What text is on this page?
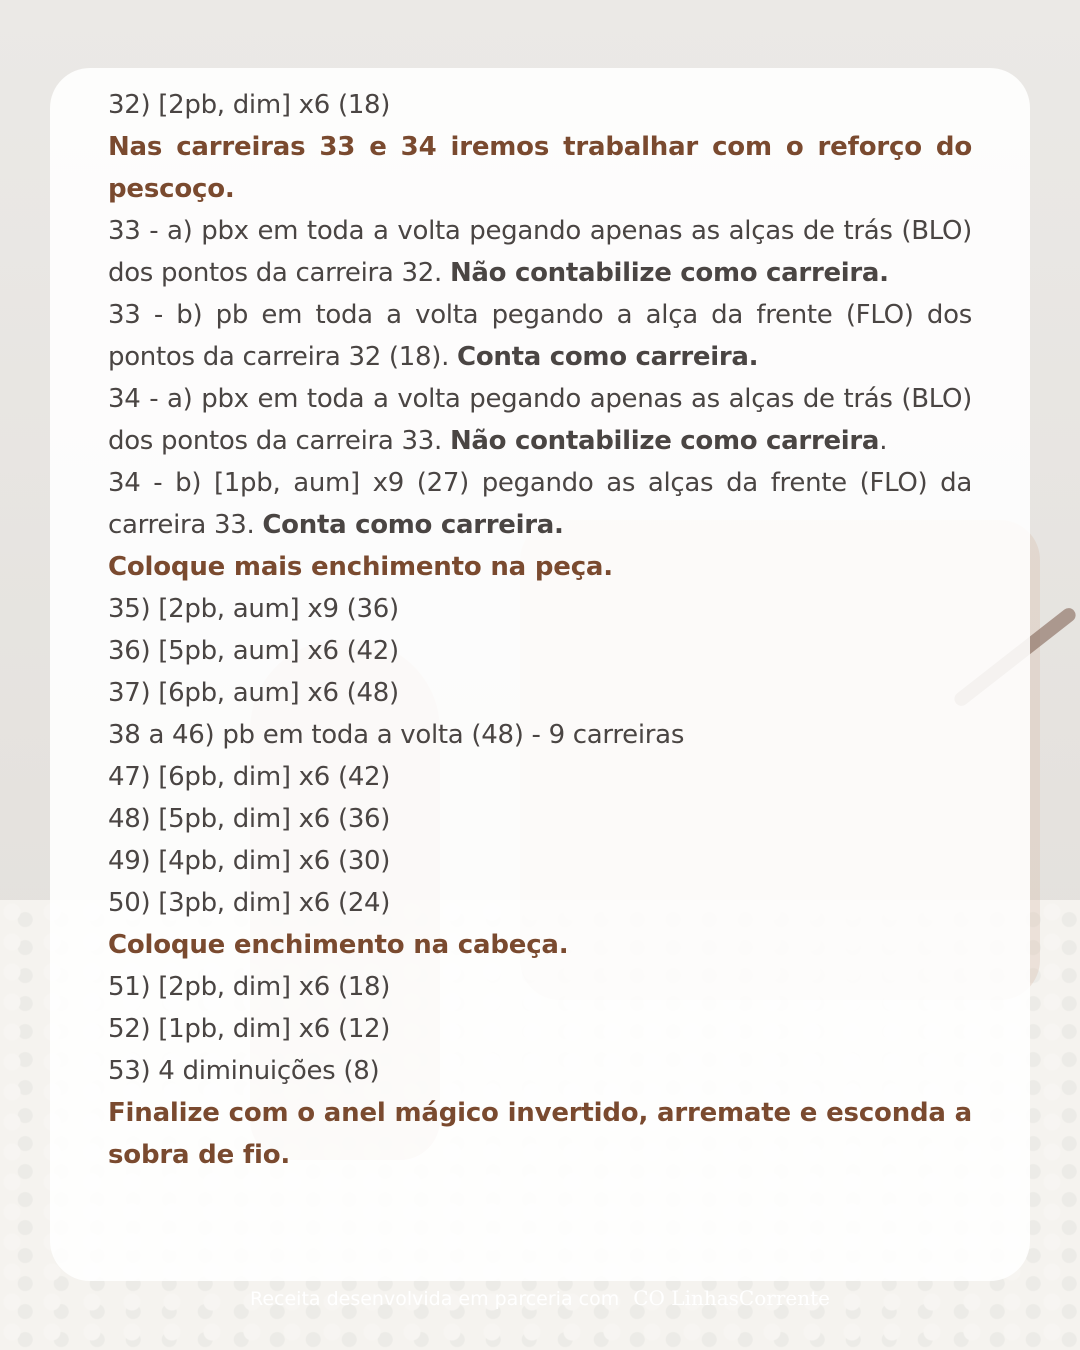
32) [2pb, dim] x6 (18)

Nas carreiras 33 e 34 iremos trabalhar com o reforço do pescoço.

33 - a) pbx em toda a volta pegando apenas as alças de trás (BLO) dos pontos da carreira 32. Não contabilize como carreira.

33 - b) pb em toda a volta pegando a alça da frente (FLO) dos pontos da carreira 32 (18). Conta como carreira.

34 - a) pbx em toda a volta pegando apenas as alças de trás (BLO) dos pontos da carreira 33. Não contabilize como carreira.

34 - b) [1pb, aum] x9 (27) pegando as alças da frente (FLO) da carreira 33. Conta como carreira.

Coloque mais enchimento na peça.

35) [2pb, aum] x9 (36)

36) [5pb, aum] x6 (42)

37) [6pb, aum] x6 (48)

38 a 46) pb em toda a volta (48) - 9 carreiras

47) [6pb, dim] x6 (42)

48) [5pb, dim] x6 (36)

49) [4pb, dim] x6 (30)

50) [3pb, dim] x6 (24)

Coloque enchimento na cabeça.

51) [2pb, dim] x6 (18)

52) [1pb, dim] x6 (12)

53) 4 diminuições (8)

Finalize com o anel mágico invertido, arremate e esconda a sobra de fio.

Receita desenvolvida em parceria com CO LinhasCorrente
